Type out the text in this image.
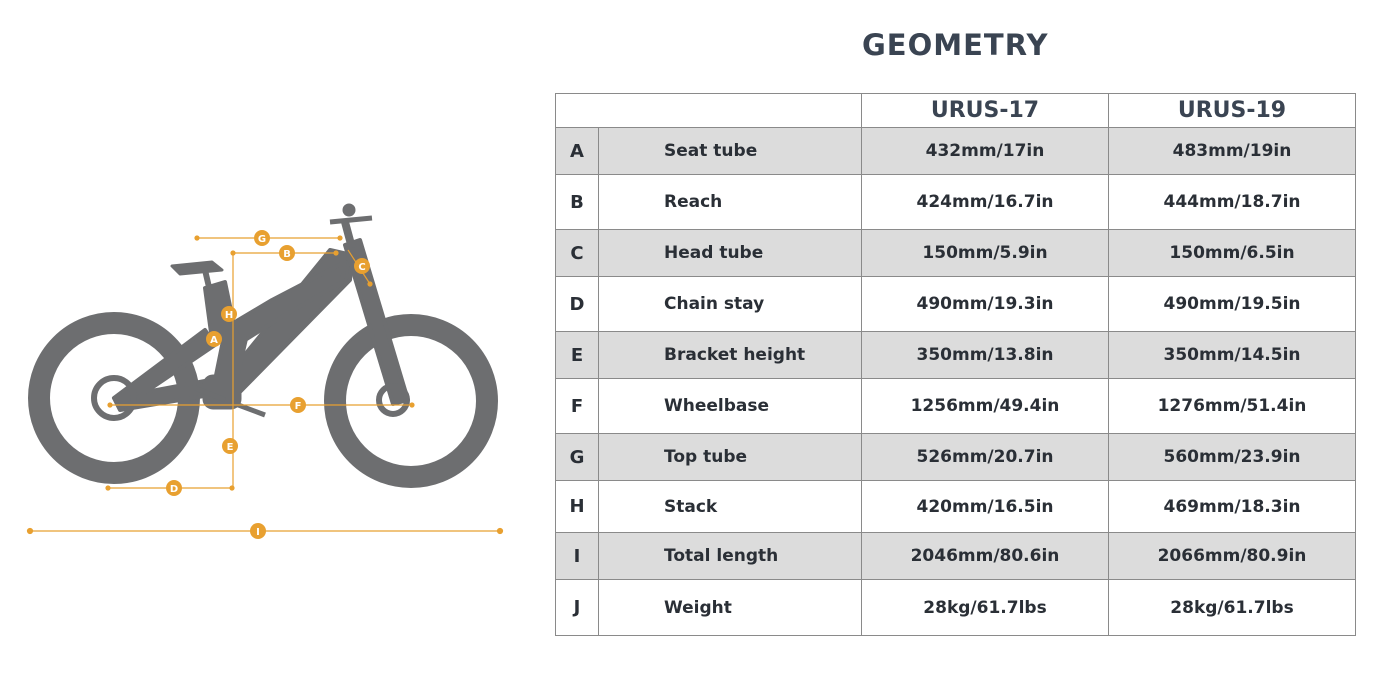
G
B
C
H
A
F
E
D
I
GEOMETRY
		URUS-17	URUS-19
A	Seat tube	432mm/17in	483mm/19in
B	Reach	424mm/16.7in	444mm/18.7in
C	Head tube	150mm/5.9in	150mm/6.5in
D	Chain stay	490mm/19.3in	490mm/19.5in
E	Bracket height	350mm/13.8in	350mm/14.5in
F	Wheelbase	1256mm/49.4in	1276mm/51.4in
G	Top tube	526mm/20.7in	560mm/23.9in
H	Stack	420mm/16.5in	469mm/18.3in
I	Total length	2046mm/80.6in	2066mm/80.9in
J	Weight	28kg/61.7lbs	28kg/61.7lbs
